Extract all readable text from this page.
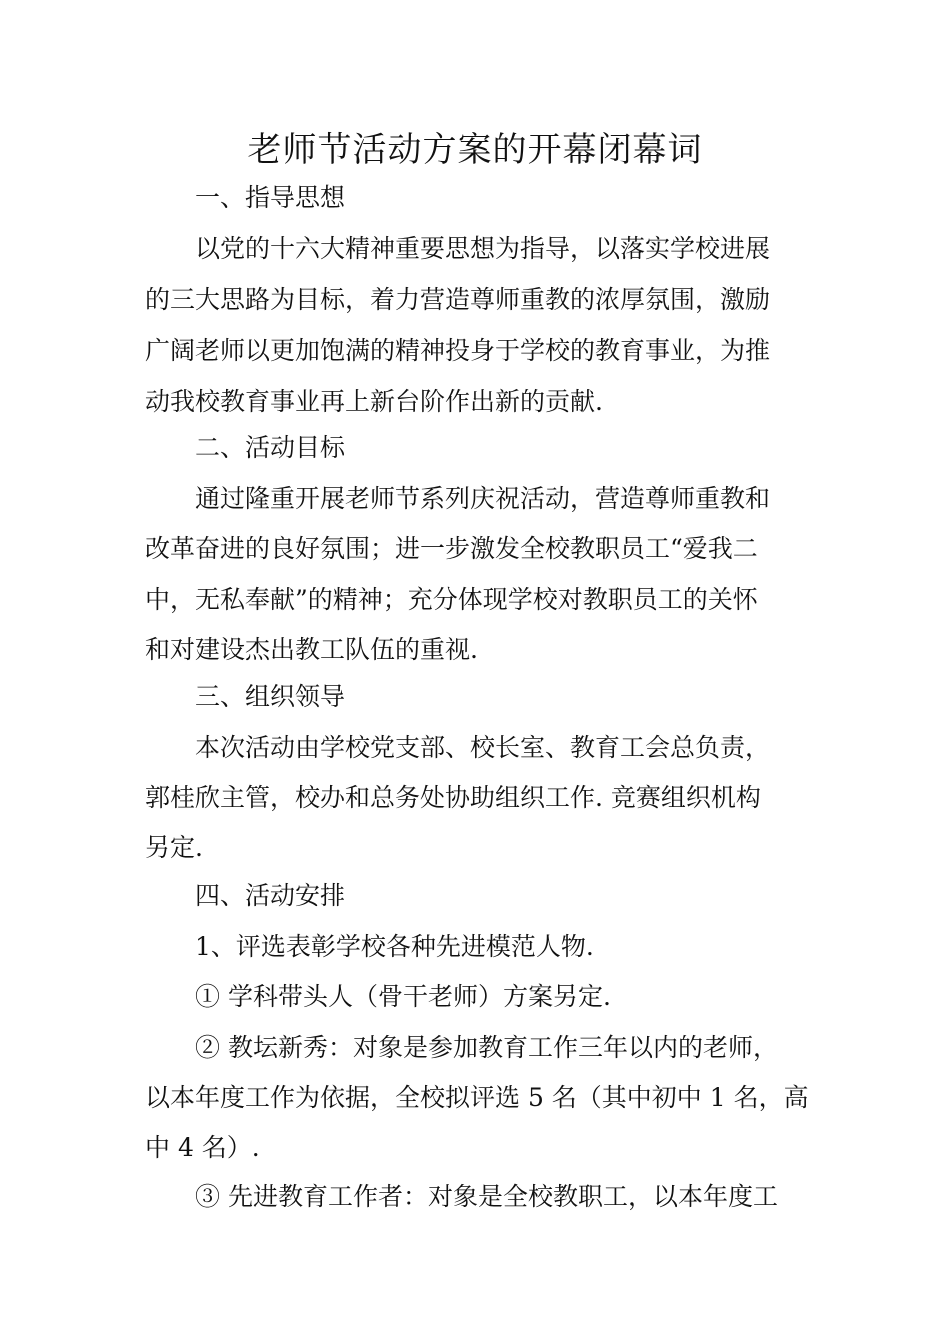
老师节活动方案的开幕闭幕词
一、指导思想
以党的十六大精神重要思想为指导，以落实学校进展
的三大思路为目标，着力营造尊师重教的浓厚氛围，激励
广阔老师以更加饱满的精神投身于学校的教育事业，为推
动我校教育事业再上新台阶作出新的贡献.
二、活动目标
通过隆重开展老师节系列庆祝活动，营造尊师重教和
改革奋进的良好氛围；进一步激发全校教职员工“爱我二
中，无私奉献”的精神；充分体现学校对教职员工的关怀
和对建设杰出教工队伍的重视.
三、组织领导
本次活动由学校党支部、校长室、教育工会总负责，
郭桂欣主管，校办和总务处协助组织工作. 竞赛组织机构
另定.
四、活动安排
1、评选表彰学校各种先进模范人物.
① 学科带头人（骨干老师）方案另定.
② 教坛新秀：对象是参加教育工作三年以内的老师，
以本年度工作为依据，全校拟评选 5 名（其中初中 1 名，高
中 4 名）.
③ 先进教育工作者：对象是全校教职工，以本年度工
